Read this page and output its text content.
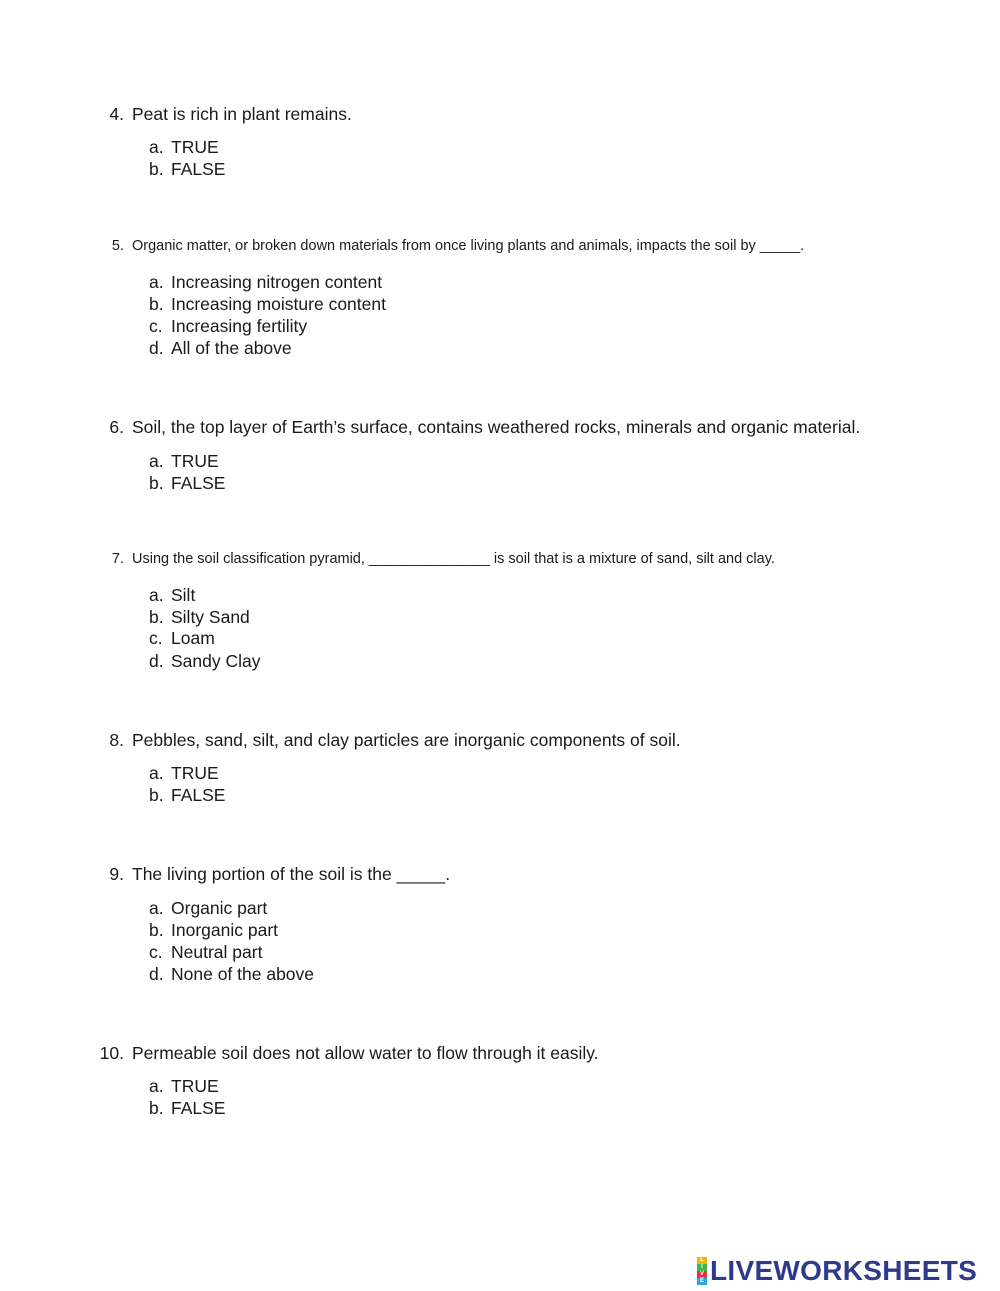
4. Peat is rich in plant remains.
a. TRUE
b. FALSE
5. Organic matter, or broken down materials from once living plants and animals, impacts the soil by _____.
a. Increasing nitrogen content
b. Increasing moisture content
c. Increasing fertility
d. All of the above
6. Soil, the top layer of Earth’s surface, contains weathered rocks, minerals and organic material.
a. TRUE
b. FALSE
7. Using the soil classification pyramid, _______________ is soil that is a mixture of sand, silt and clay.
a. Silt
b. Silty Sand
c. Loam
d. Sandy Clay
8. Pebbles, sand, silt, and clay particles are inorganic components of soil.
a. TRUE
b. FALSE
9. The living portion of the soil is the _____.
a. Organic part
b. Inorganic part
c. Neutral part
d. None of the above
10. Permeable soil does not allow water to flow through it easily.
a. TRUE
b. FALSE
L
I
V
E LIVEWORKSHEETS
